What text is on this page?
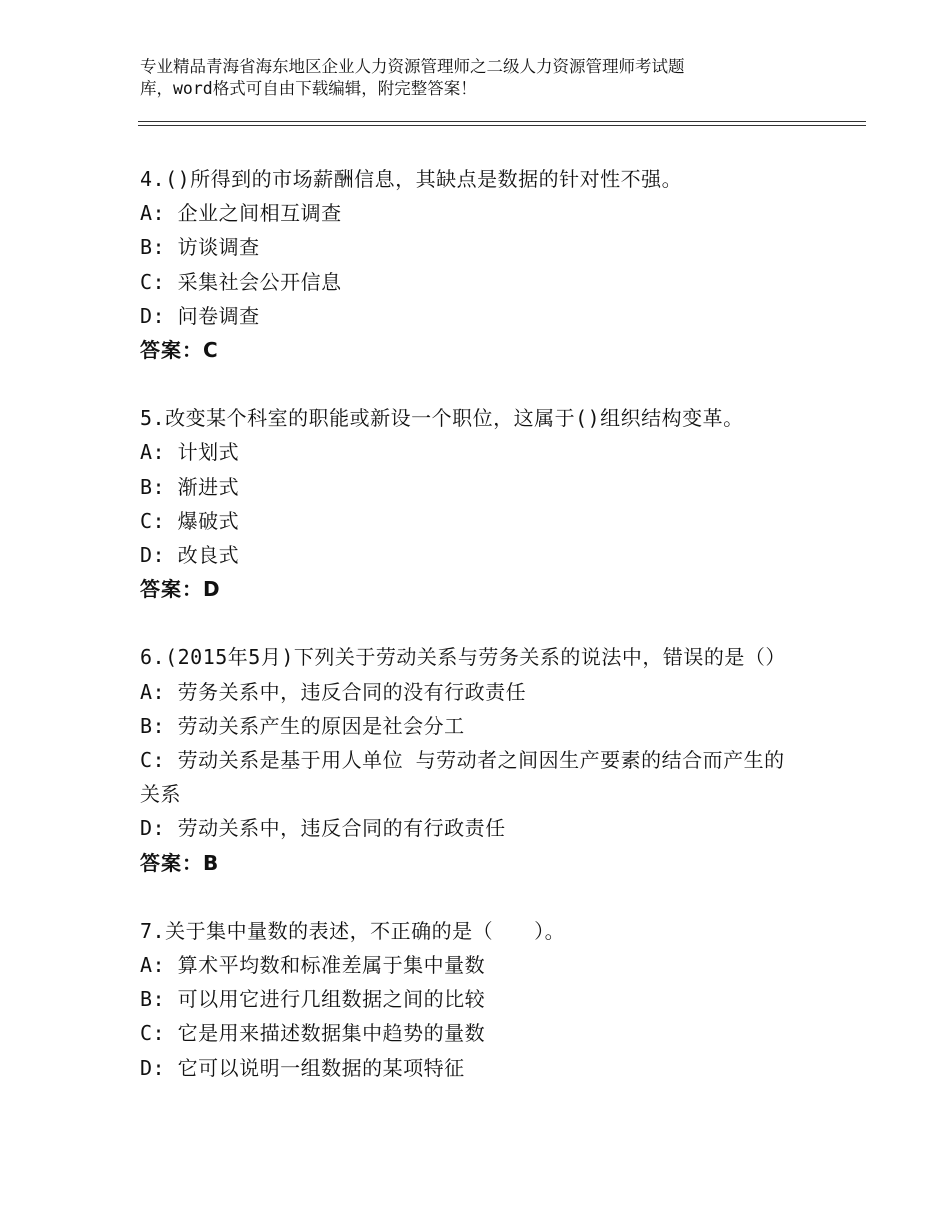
专业精品青海省海东地区企业人力资源管理师之二级人力资源管理师考试题
库，word格式可自由下载编辑，附完整答案！
4.()所得到的市场薪酬信息，其缺点是数据的针对性不强。
A: 企业之间相互调查
B: 访谈调查
C: 采集社会公开信息
D: 问卷调查
答案：C
5.改变某个科室的职能或新设一个职位，这属于()组织结构变革。
A: 计划式
B: 渐进式
C: 爆破式
D: 改良式
答案：D
6.(2015年5月)下列关于劳动关系与劳务关系的说法中，错误的是（）
A: 劳务关系中，违反合同的没有行政责任
B: 劳动关系产生的原因是社会分工
C: 劳动关系是基于用人单位 与劳动者之间因生产要素的结合而产生的关系
D: 劳动关系中，违反合同的有行政责任
答案：B
7.关于集中量数的表述，不正确的是（　　）。
A: 算术平均数和标准差属于集中量数
B: 可以用它进行几组数据之间的比较
C: 它是用来描述数据集中趋势的量数
D: 它可以说明一组数据的某项特征
